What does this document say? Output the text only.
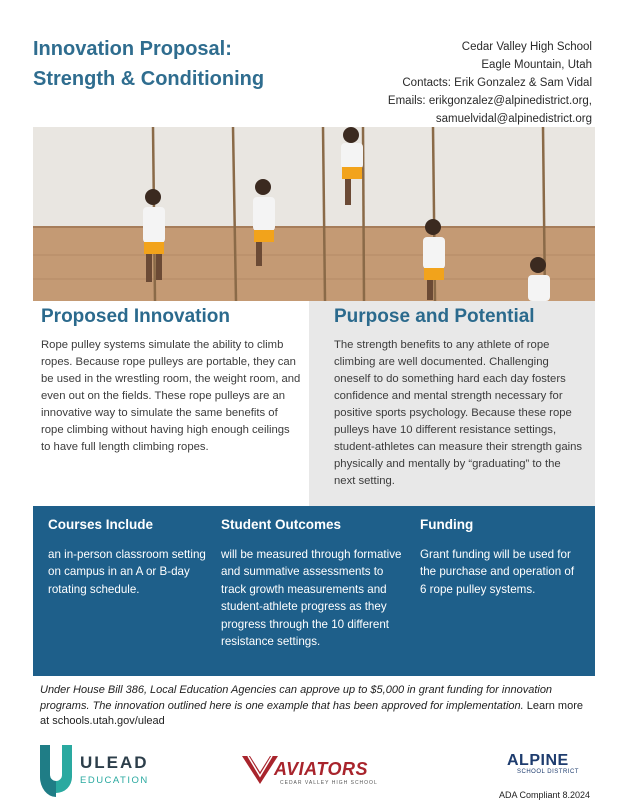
Innovation Proposal:
Strength & Conditioning
Cedar Valley High School
Eagle Mountain, Utah
Contacts: Erik Gonzalez & Sam Vidal
Emails: erikgonzalez@alpinedistrict.org,
samuelvidal@alpinedistrict.org
Proposed Innovation
Rope pulley systems simulate the ability to climb ropes. Because rope pulleys are portable, they can be used in the wrestling room, the weight room, and even out on the fields. These rope pulleys are an innovative way to simulate the same benefits of rope climbing without having high enough ceilings to have full length climbing ropes.
Purpose and Potential
The strength benefits to any athlete of rope climbing are well documented. Challenging oneself to do something hard each day fosters confidence and mental strength necessary for positive sports psychology. Because these rope pulleys have 10 different resistance settings, student-athletes can measure their strength gains physically and mentally by “graduating” to the next setting.
Courses Include
an in-person classroom setting on campus in an A or B-day rotating schedule.
Student Outcomes
will be measured through formative and summative assessments to track growth measurements and student-athlete progress as they progress through the 10 different resistance settings.
Funding
Grant funding will be used for the purchase and operation of 6 rope pulley systems.
Under House Bill 386, Local Education Agencies can approve up to $5,000 in grant funding for innovation programs. The innovation outlined here is one example that has been approved for implementation. Learn more at schools.utah.gov/ulead
ULEAD
EDUCATION
AVIATORS
CEDAR VALLEY HIGH SCHOOL
ALPINE
SCHOOL DISTRICT
ADA Compliant 8.2024
